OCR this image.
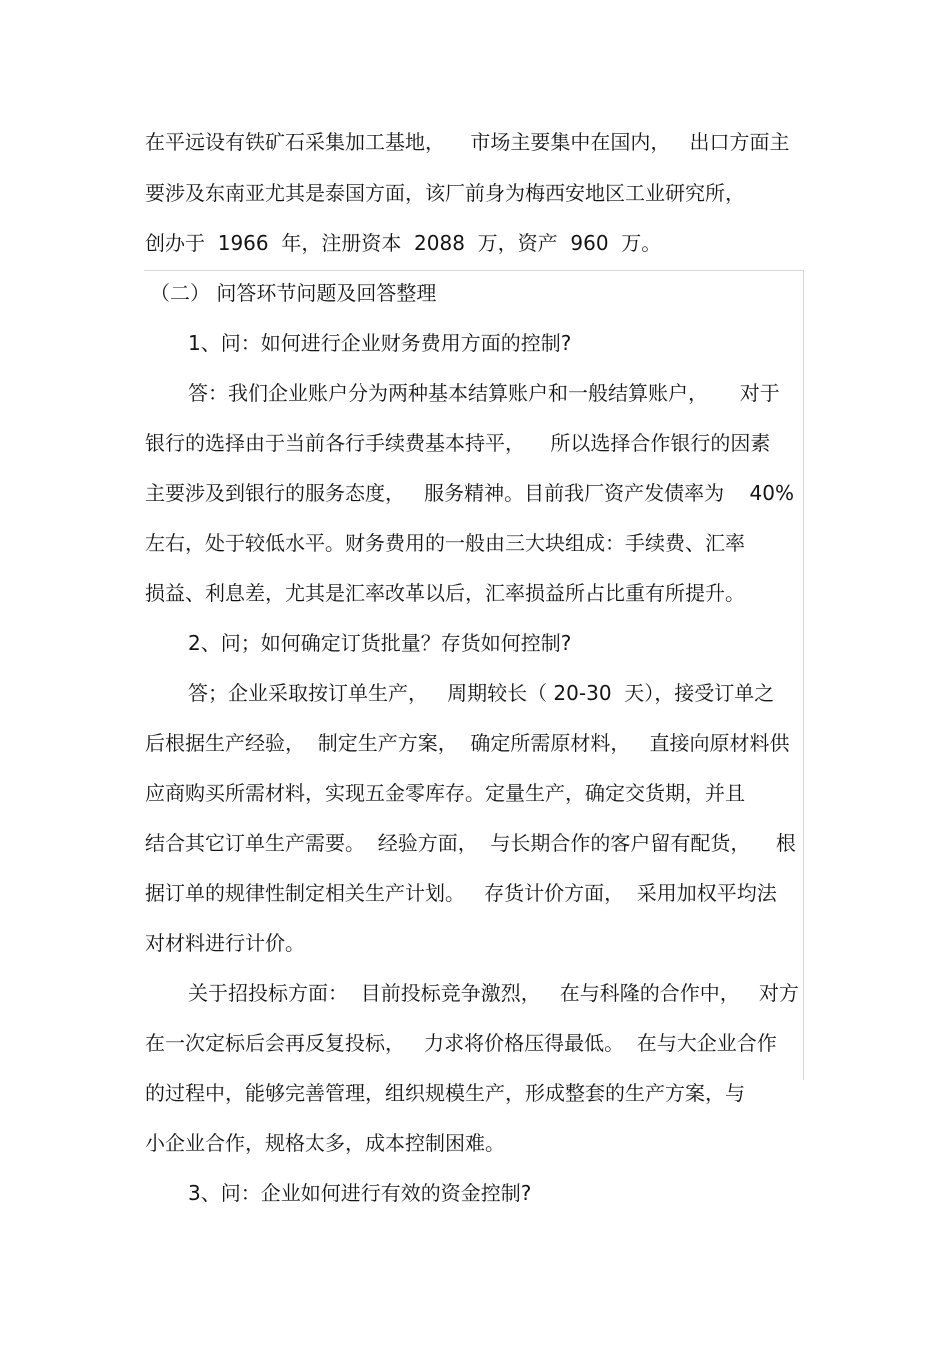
在平远设有铁矿石采集加工基地，    市场主要集中在国内，   出口方面主
要涉及东南亚尤其是泰国方面，该厂前身为梅西安地区工业研究所，
创办于  1966  年，注册资本  2088  万，资产  960  万。
（二） 问答环节问题及回答整理
1、问：如何进行企业财务费用方面的控制?
答：我们企业账户分为两种基本结算账户和一般结算账户，     对于
银行的选择由于当前各行手续费基本持平，    所以选择合作银行的因素
主要涉及到银行的服务态度，   服务精神。目前我厂资产发债率为    40%
左右，处于较低水平。财务费用的一般由三大块组成：手续费、汇率
损益、利息差，尤其是汇率改革以后，汇率损益所占比重有所提升。
2、问；如何确定订货批量？存货如何控制?
答；企业采取按订单生产，   周期较长（ 20-30  天），接受订单之
后根据生产经验，  制定生产方案，  确定所需原材料，   直接向原材料供
应商购买所需材料，实现五金零库存。定量生产，确定交货期，并且
结合其它订单生产需要。  经验方面，  与长期合作的客户留有配货，    根
据订单的规律性制定相关生产计划。   存货计价方面，  采用加权平均法
对材料进行计价。
关于招投标方面：  目前投标竞争激烈，   在与科隆的合作中，   对方
在一次定标后会再反复投标，   力求将价格压得最低。  在与大企业合作
的过程中，能够完善管理，组织规模生产，形成整套的生产方案，与
小企业合作，规格太多，成本控制困难。
3、问：企业如何进行有效的资金控制?
